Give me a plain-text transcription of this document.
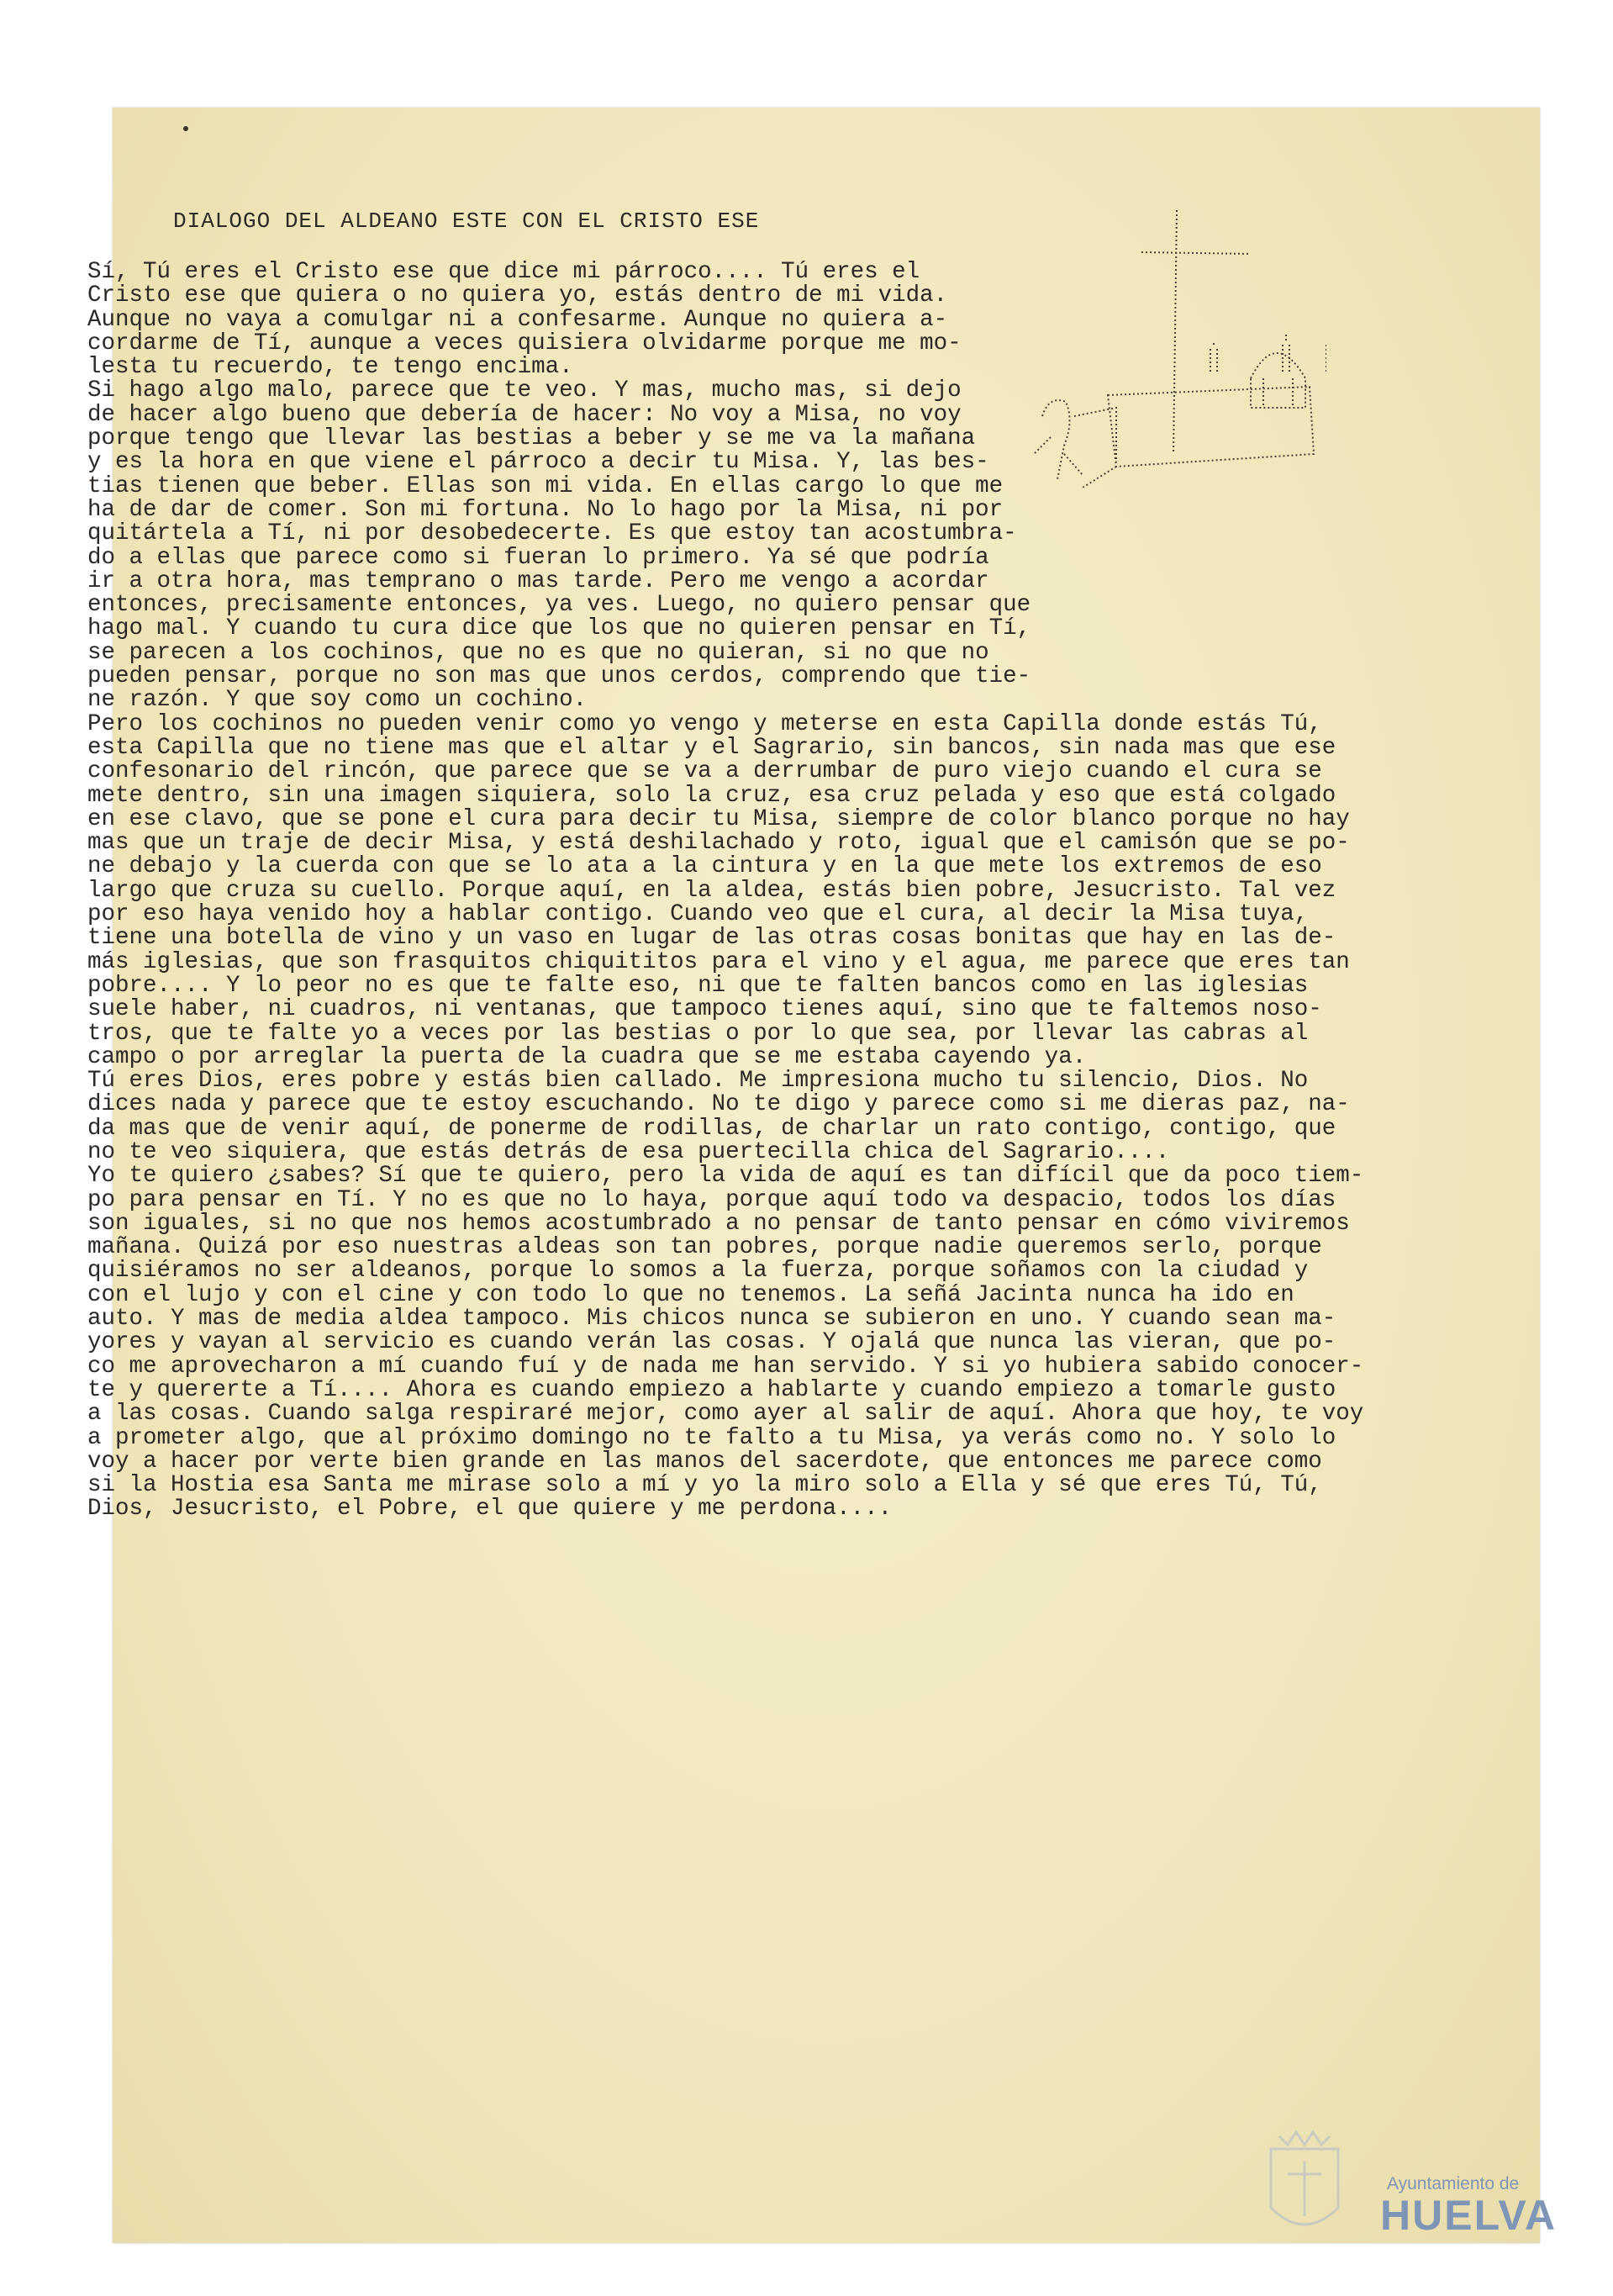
DIALOGO DEL ALDEANO ESTE CON EL CRISTO ESE
Sí, Tú eres el Cristo ese que dice mi párroco.... Tú eres el
Cristo ese que quiera o no quiera yo, estás dentro de mi vida.
Aunque no vaya a comulgar ni a confesarme. Aunque no quiera a-
cordarme de Tí, aunque a veces quisiera olvidarme porque me mo-
lesta tu recuerdo, te tengo encima.
Si hago algo malo, parece que te veo. Y mas, mucho mas, si dejo
de hacer algo bueno que debería de hacer: No voy a Misa, no voy
porque tengo que llevar las bestias a beber y se me va la mañana
y es la hora en que viene el párroco a decir tu Misa. Y, las bes-
tias tienen que beber. Ellas son mi vida. En ellas cargo lo que me
ha de dar de comer. Son mi fortuna. No lo hago por la Misa, ni por
quitártela a Tí, ni por desobedecerte. Es que estoy tan acostumbra-
do a ellas que parece como si fueran lo primero. Ya sé que podría
ir a otra hora, mas temprano o mas tarde. Pero me vengo a acordar
entonces, precisamente entonces, ya ves. Luego, no quiero pensar que
hago mal. Y cuando tu cura dice que los que no quieren pensar en Tí,
se parecen a los cochinos, que no es que no quieran, si no que no
pueden pensar, porque no son mas que unos cerdos, comprendo que tie-
ne razón. Y que soy como un cochino.
Pero los cochinos no pueden venir como yo vengo y meterse en esta Capilla donde estás Tú,
esta Capilla que no tiene mas que el altar y el Sagrario, sin bancos, sin nada mas que ese
confesonario del rincón, que parece que se va a derrumbar de puro viejo cuando el cura se
mete dentro, sin una imagen siquiera, solo la cruz, esa cruz pelada y eso que está colgado
en ese clavo, que se pone el cura para decir tu Misa, siempre de color blanco porque no hay
mas que un traje de decir Misa, y está deshilachado y roto, igual que el camisón que se po-
ne debajo y la cuerda con que se lo ata a la cintura y en la que mete los extremos de eso
largo que cruza su cuello. Porque aquí, en la aldea, estás bien pobre, Jesucristo. Tal vez
por eso haya venido hoy a hablar contigo. Cuando veo que el cura, al decir la Misa tuya,
tiene una botella de vino y un vaso en lugar de las otras cosas bonitas que hay en las de-
más iglesias, que son frasquitos chiquititos para el vino y el agua, me parece que eres tan
pobre.... Y lo peor no es que te falte eso, ni que te falten bancos como en las iglesias
suele haber, ni cuadros, ni ventanas, que tampoco tienes aquí, sino que te faltemos noso-
tros, que te falte yo a veces por las bestias o por lo que sea, por llevar las cabras al
campo o por arreglar la puerta de la cuadra que se me estaba cayendo ya.
Tú eres Dios, eres pobre y estás bien callado. Me impresiona mucho tu silencio, Dios. No
dices nada y parece que te estoy escuchando. No te digo y parece como si me dieras paz, na-
da mas que de venir aquí, de ponerme de rodillas, de charlar un rato contigo, contigo, que
no te veo siquiera, que estás detrás de esa puertecilla chica del Sagrario....
Yo te quiero ¿sabes? Sí que te quiero, pero la vida de aquí es tan difícil que da poco tiem-
po para pensar en Tí. Y no es que no lo haya, porque aquí todo va despacio, todos los días
son iguales, si no que nos hemos acostumbrado a no pensar de tanto pensar en cómo viviremos
mañana. Quizá por eso nuestras aldeas son tan pobres, porque nadie queremos serlo, porque
quisiéramos no ser aldeanos, porque lo somos a la fuerza, porque soñamos con la ciudad y
con el lujo y con el cine y con todo lo que no tenemos. La señá Jacinta nunca ha ido en
auto. Y mas de media aldea tampoco. Mis chicos nunca se subieron en uno. Y cuando sean ma-
yores y vayan al servicio es cuando verán las cosas. Y ojalá que nunca las vieran, que po-
co me aprovecharon a mí cuando fuí y de nada me han servido. Y si yo hubiera sabido conocer-
te y quererte a Tí.... Ahora es cuando empiezo a hablarte y cuando empiezo a tomarle gusto
a las cosas. Cuando salga respiraré mejor, como ayer al salir de aquí. Ahora que hoy, te voy
a prometer algo, que al próximo domingo no te falto a tu Misa, ya verás como no. Y solo lo
voy a hacer por verte bien grande en las manos del sacerdote, que entonces me parece como
si la Hostia esa Santa me mirase solo a mí y yo la miro solo a Ella y sé que eres Tú, Tú,
Dios, Jesucristo, el Pobre, el que quiere y me perdona....
Ayuntamiento de
HUELVA
